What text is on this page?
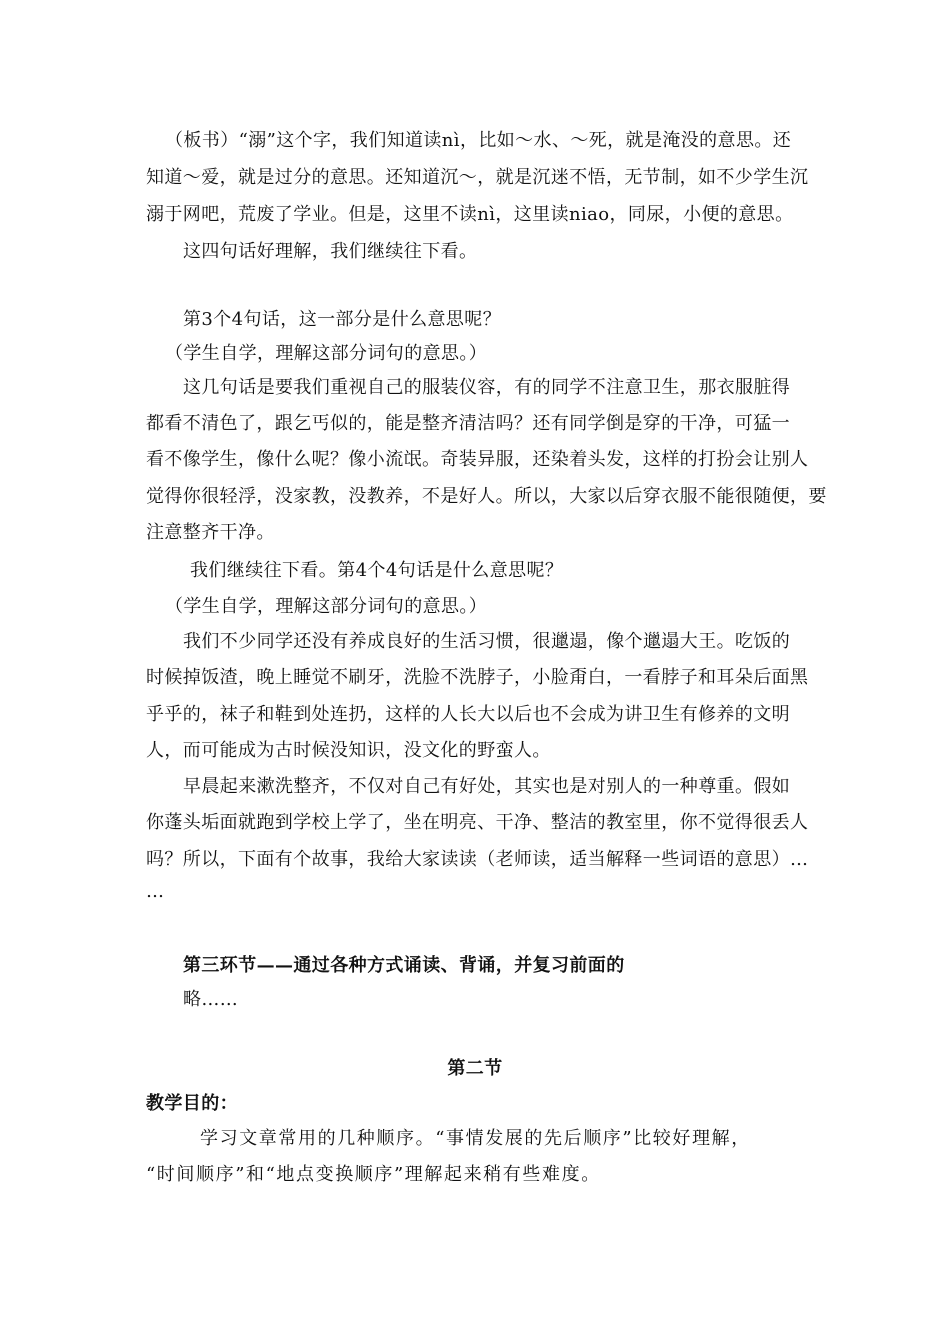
（板书）“溺”这个字，我们知道读nì，比如～水、～死，就是淹没的意思。还
知道～爱，就是过分的意思。还知道沉～，就是沉迷不悟，无节制，如不少学生沉
溺于网吧，荒废了学业。但是，这里不读nì，这里读niao，同尿，小便的意思。
这四句话好理解，我们继续往下看。
第3个4句话，这一部分是什么意思呢？
（学生自学，理解这部分词句的意思。）
这几句话是要我们重视自己的服装仪容，有的同学不注意卫生，那衣服脏得
都看不清色了，跟乞丐似的，能是整齐清洁吗？还有同学倒是穿的干净，可猛一
看不像学生，像什么呢？像小流氓。奇装异服，还染着头发，这样的打扮会让别人
觉得你很轻浮，没家教，没教养，不是好人。所以，大家以后穿衣服不能很随便，要
注意整齐干净。
我们继续往下看。第4个4句话是什么意思呢？
（学生自学，理解这部分词句的意思。）
我们不少同学还没有养成良好的生活习惯，很邋遢，像个邋遢大王。吃饭的
时候掉饭渣，晚上睡觉不刷牙，洗脸不洗脖子，小脸甭白，一看脖子和耳朵后面黑
乎乎的，袜子和鞋到处连扔，这样的人长大以后也不会成为讲卫生有修养的文明
人，而可能成为古时候没知识，没文化的野蛮人。
早晨起来漱洗整齐，不仅对自己有好处，其实也是对别人的一种尊重。假如
你蓬头垢面就跑到学校上学了，坐在明亮、干净、整洁的教室里，你不觉得很丢人
吗？所以，下面有个故事，我给大家读读（老师读，适当解释一些词语的意思）…
…
第三环节——通过各种方式诵读、背诵，并复习前面的
略……
第二节
教学目的：
学习文章常用的几种顺序。“事情发展的先后顺序”比较好理解，
“时间顺序”和“地点变换顺序”理解起来稍有些难度。
